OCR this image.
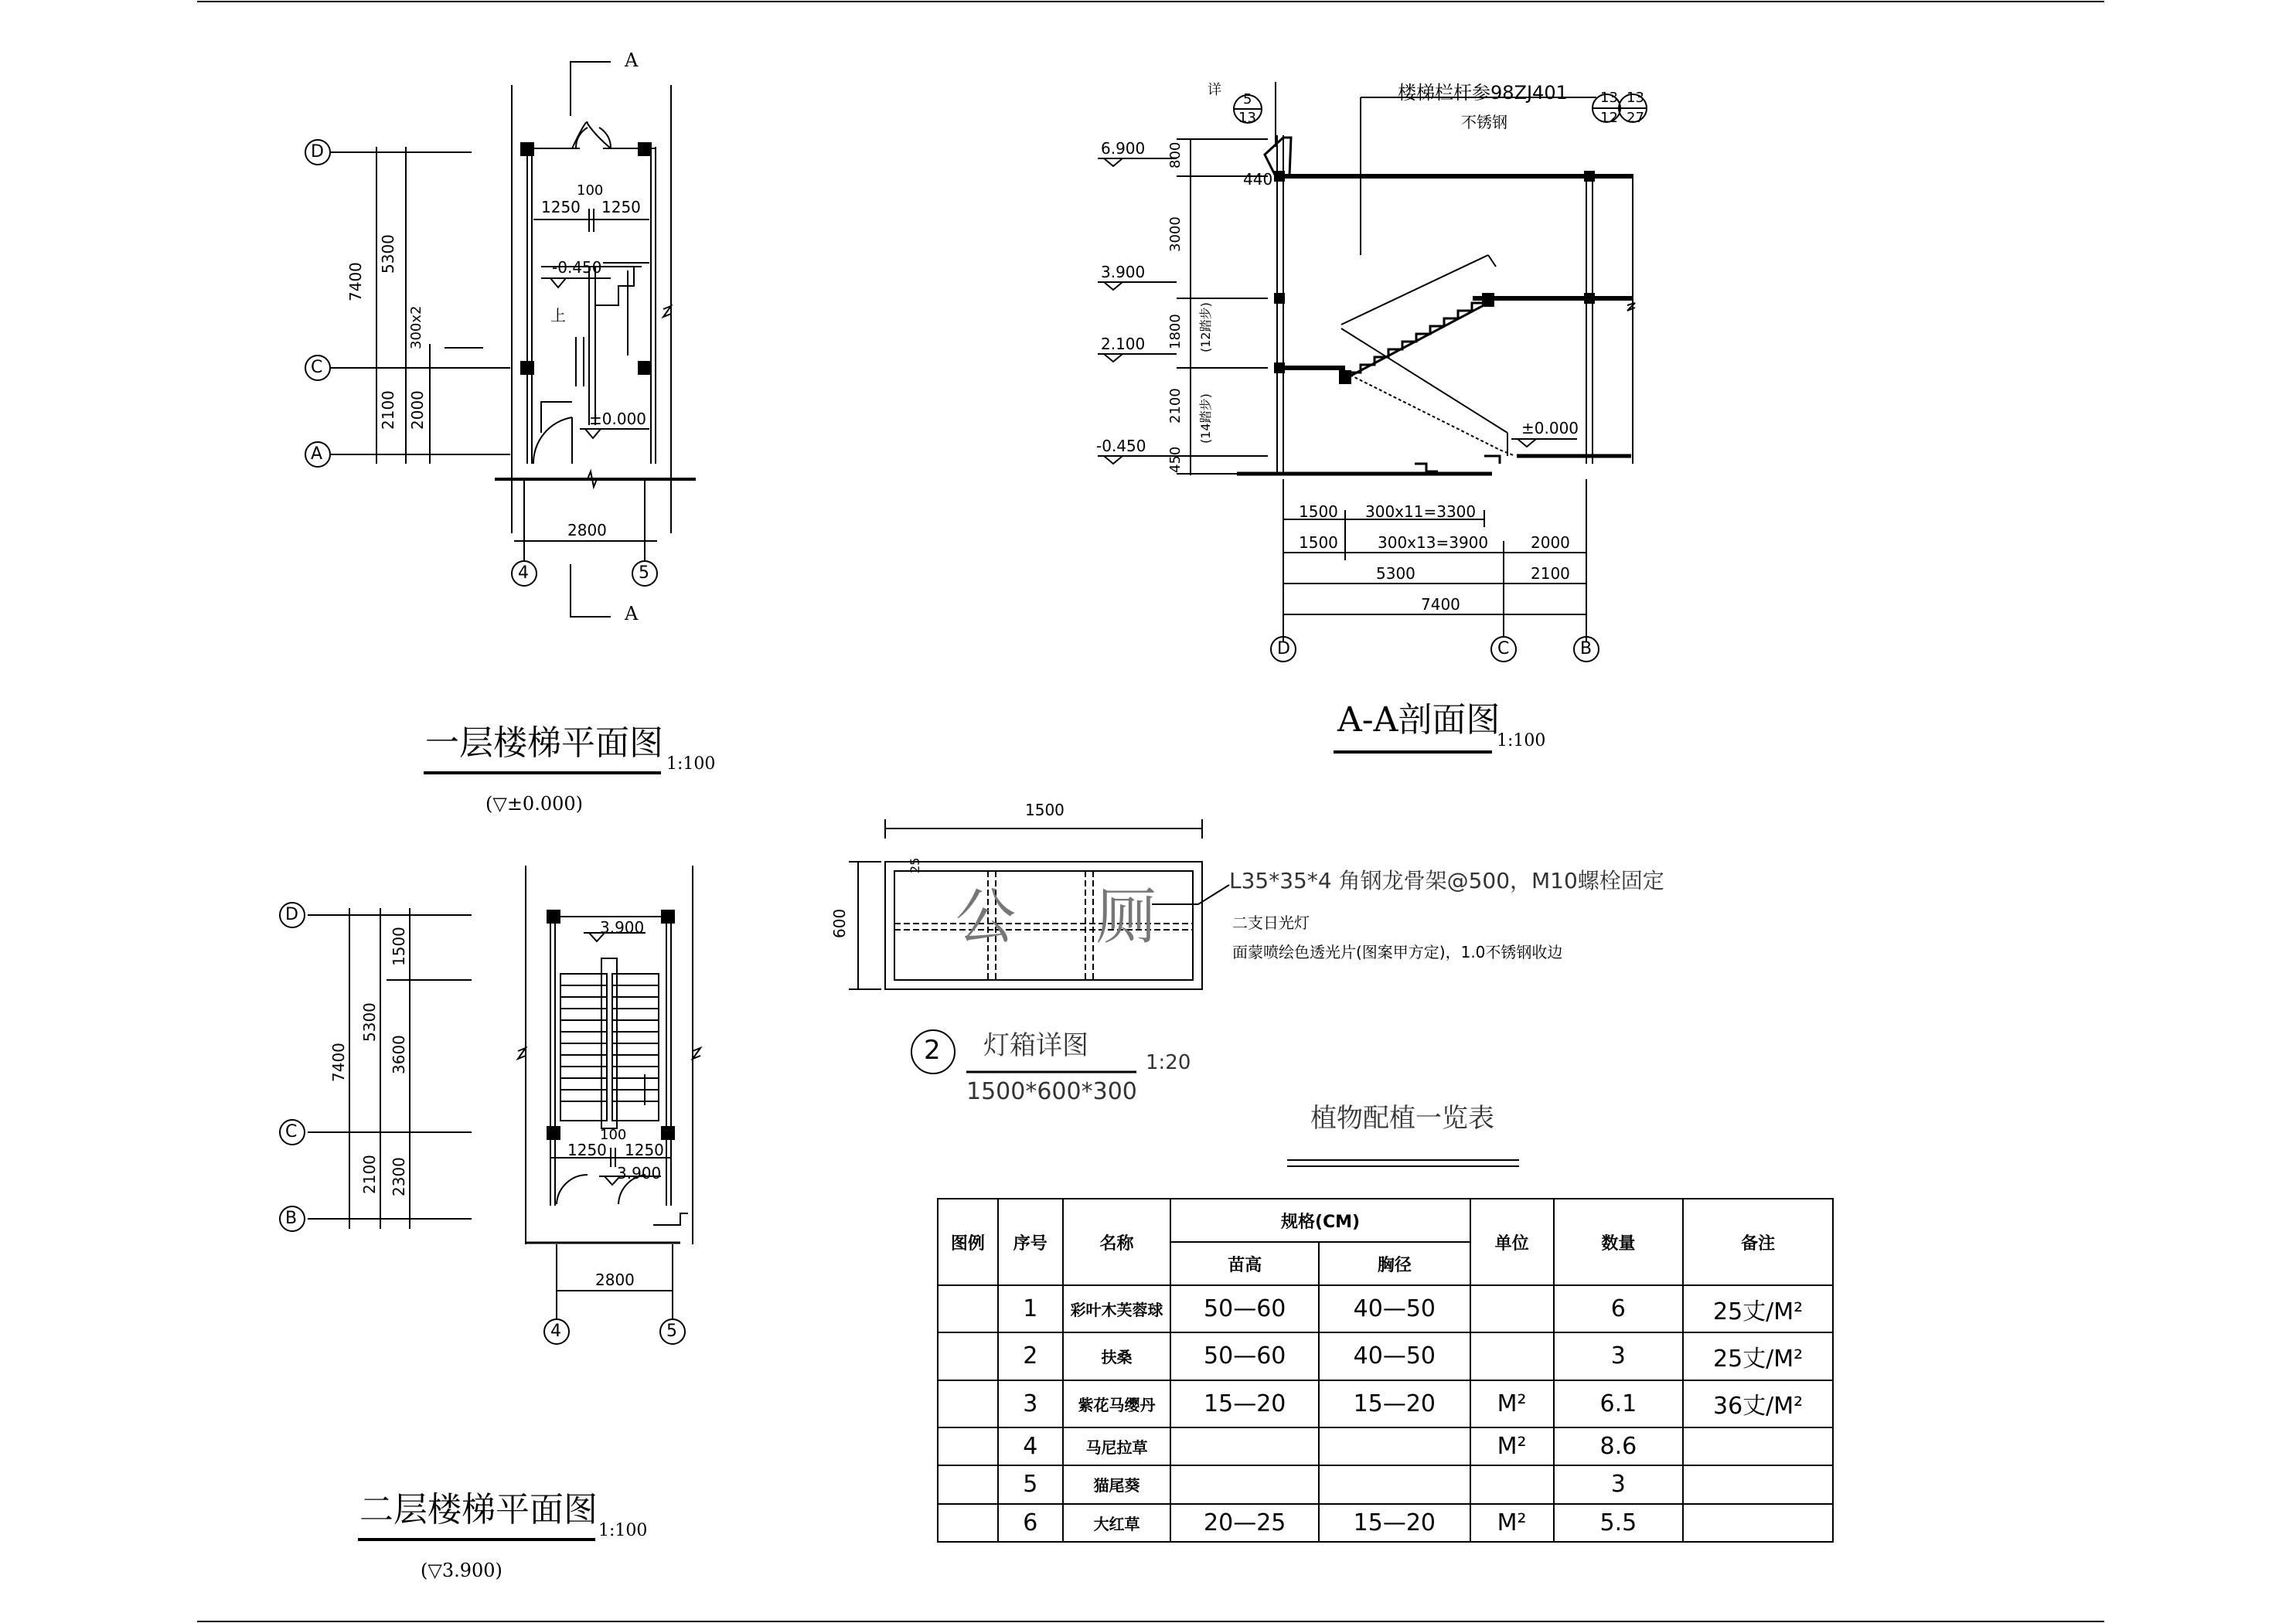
一层楼梯平面图

1:100

(▽±0.000)

D

C

A

4	5

A

A

7400

5300

2100 2000

300x2

2800

1250

100

1250

-0.450

±0.000

上

二层楼梯平面图

1:100

(▽3.900)

D

C

B

4	5

7400

5300

2100

1500

3600

2300

2800

1250

100

1250

3.900

3.900

A-A剖面图

1:100

楼梯栏杆参98ZJ401 13

12

13

27

不锈钢

详

5

13

6.900

3.900

2.100

-0.450

±0.000

800

3000

1800

2100

450

(12踏步)

(14踏步)

440

1500 300x11=3300

1500	300x13=3900	2000

5300	2100

7400

D	C	B

1500

600

25

L35*35*4 角钢龙骨架@500，M10螺栓固定

二支日光灯

面蒙喷绘色透光片(图案甲方定)，1.0不锈钢收边

公 厕

2 灯箱详图

1:20

1500*600*300

植物配植一览表

图例	序号	名称	规格(CM)		单位	数量	备注
			苗高	胸径			
	1	彩叶木芙蓉球	50—60	40—50		6	25丈/M²
	2	扶桑	50—60	40—50		3	25丈/M²
	3	紫花马缨丹	15—20	15—20	M²	6.1	36丈/M²
	4	马尼拉草			M²	8.6	
	5	猫尾葵				3	
	6	大红草	20—25	15—20	M²	5.5	
